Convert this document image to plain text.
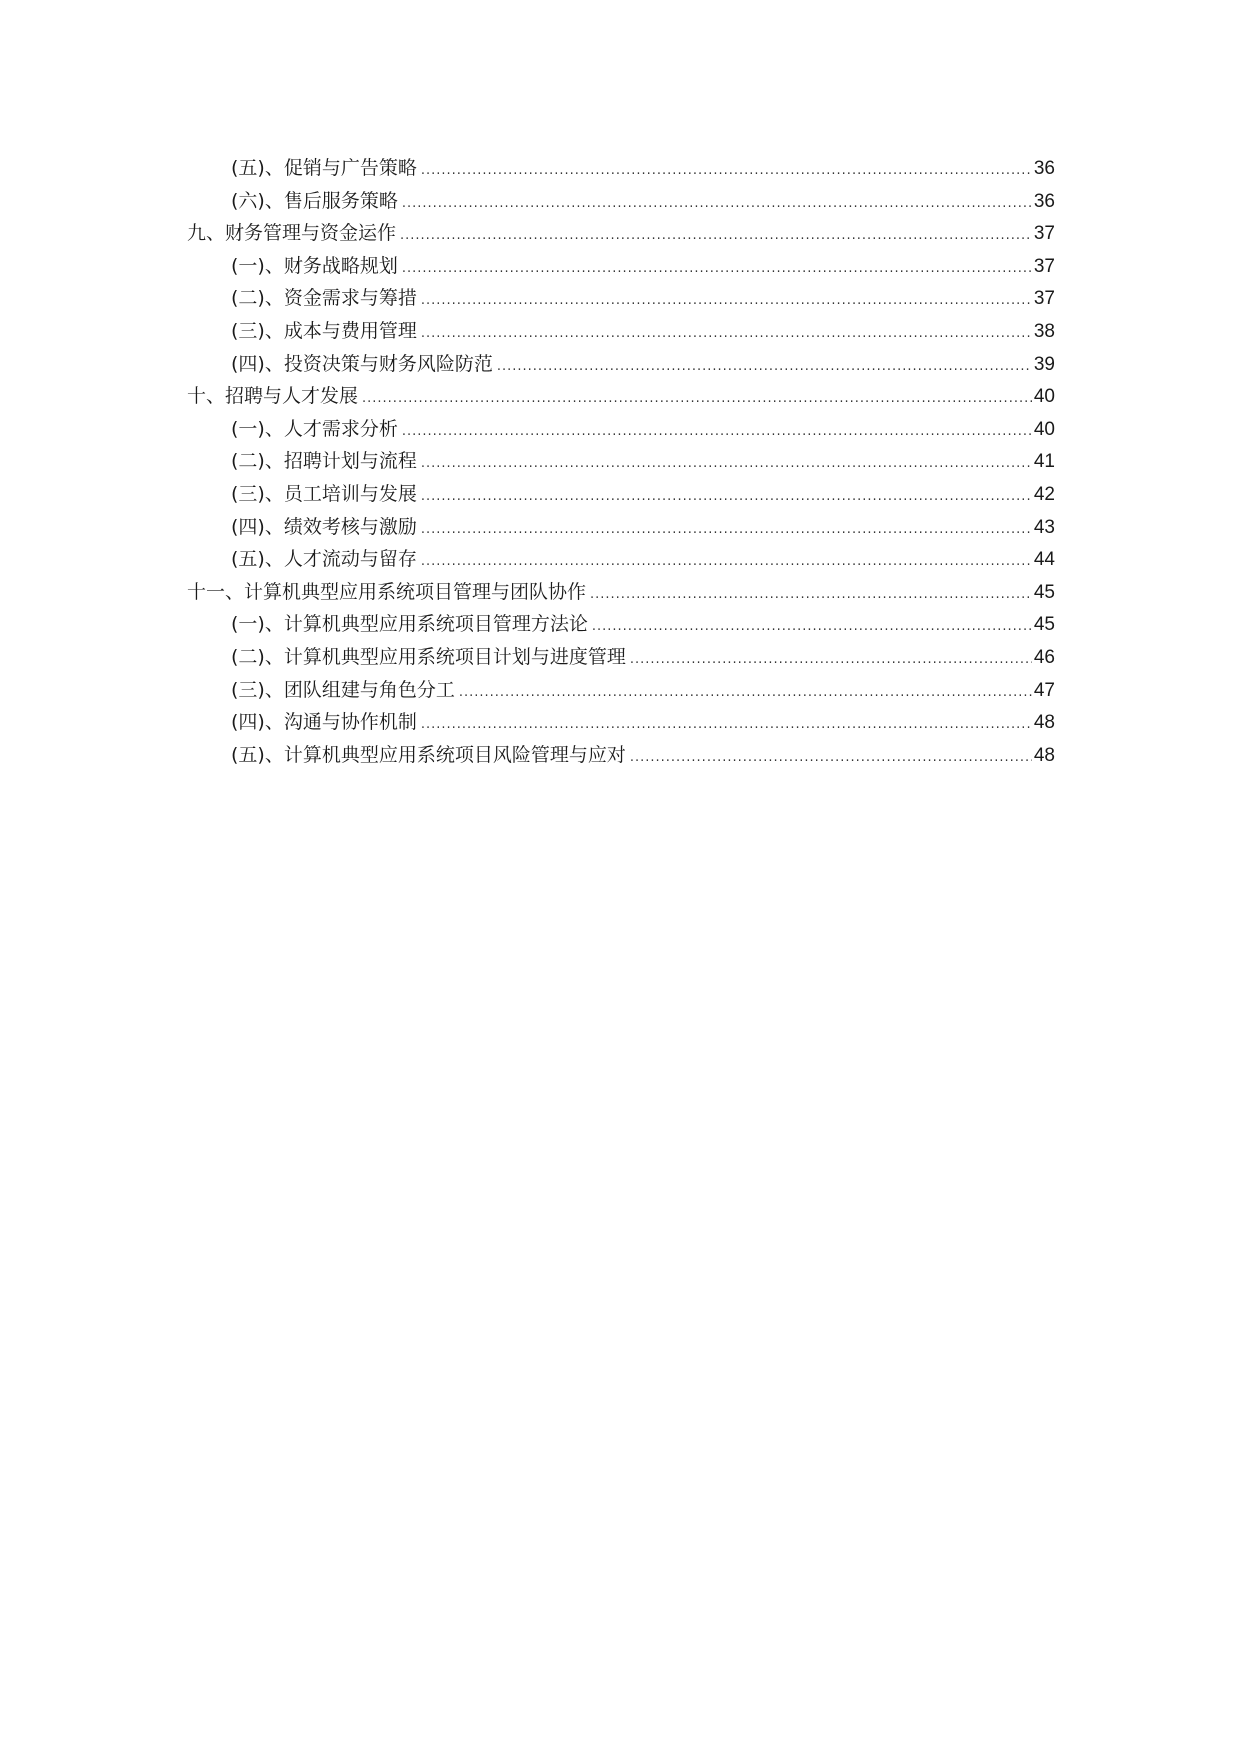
(五)、促销与广告策略 .....	36
(六)、售后服务策略 .....	36
九、财务管理与资金运作 .....	37
(一)、财务战略规划 .....	37
(二)、资金需求与筹措 .....	37
(三)、成本与费用管理 .....	38
(四)、投资决策与财务风险防范 .....	39
十、招聘与人才发展 .....	40
(一)、人才需求分析 .....	40
(二)、招聘计划与流程 .....	41
(三)、员工培训与发展 .....	42
(四)、绩效考核与激励 .....	43
(五)、人才流动与留存 .....	44
十一、计算机典型应用系统项目管理与团队协作 .....	45
(一)、计算机典型应用系统项目管理方法论 .....	45
(二)、计算机典型应用系统项目计划与进度管理 .....	46
(三)、团队组建与角色分工 .....	47
(四)、沟通与协作机制 .....	48
(五)、计算机典型应用系统项目风险管理与应对 .....	48
